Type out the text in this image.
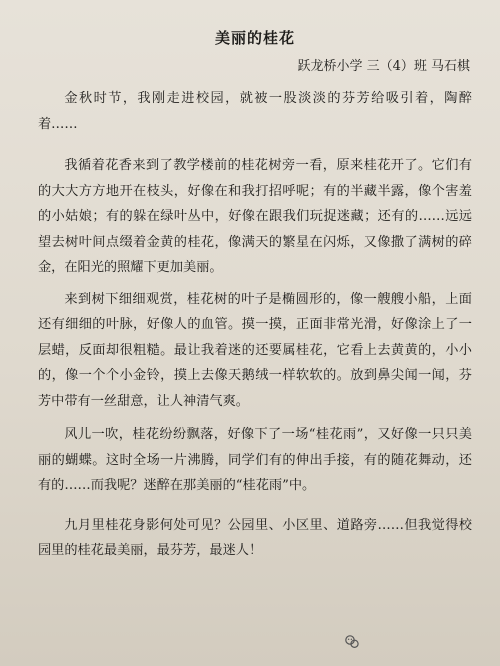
美丽的桂花
跃龙桥小学 三（4）班 马石棋

金秋时节，我刚走进校园，就被一股淡淡的芬芳给吸引着，陶醉着……

我循着花香来到了教学楼前的桂花树旁一看，原来桂花开了。它们有的大大方方地开在枝头，好像在和我打招呼呢；有的半藏半露，像个害羞的小姑娘；有的躲在绿叶丛中，好像在跟我们玩捉迷藏；还有的……远远望去树叶间点缀着金黄的桂花，像满天的繁星在闪烁，又像撒了满树的碎金，在阳光的照耀下更加美丽。

来到树下细细观赏，桂花树的叶子是椭圆形的，像一艘艘小船，上面还有细细的叶脉，好像人的血管。摸一摸，正面非常光滑，好像涂上了一层蜡，反面却很粗糙。最让我着迷的还要属桂花，它看上去黄黄的，小小的，像一个个小金铃，摸上去像天鹅绒一样软软的。放到鼻尖闻一闻，芬芳中带有一丝甜意，让人神清气爽。

风儿一吹，桂花纷纷飘落，好像下了一场“桂花雨”，又好像一只只美丽的蝴蝶。这时全场一片沸腾，同学们有的伸出手接，有的随花舞动，还有的……而我呢？迷醉在那美丽的“桂花雨”中。

九月里桂花身影何处可见？公园里、小区里、道路旁……但我觉得校园里的桂花最美丽，最芬芳，最迷人！
